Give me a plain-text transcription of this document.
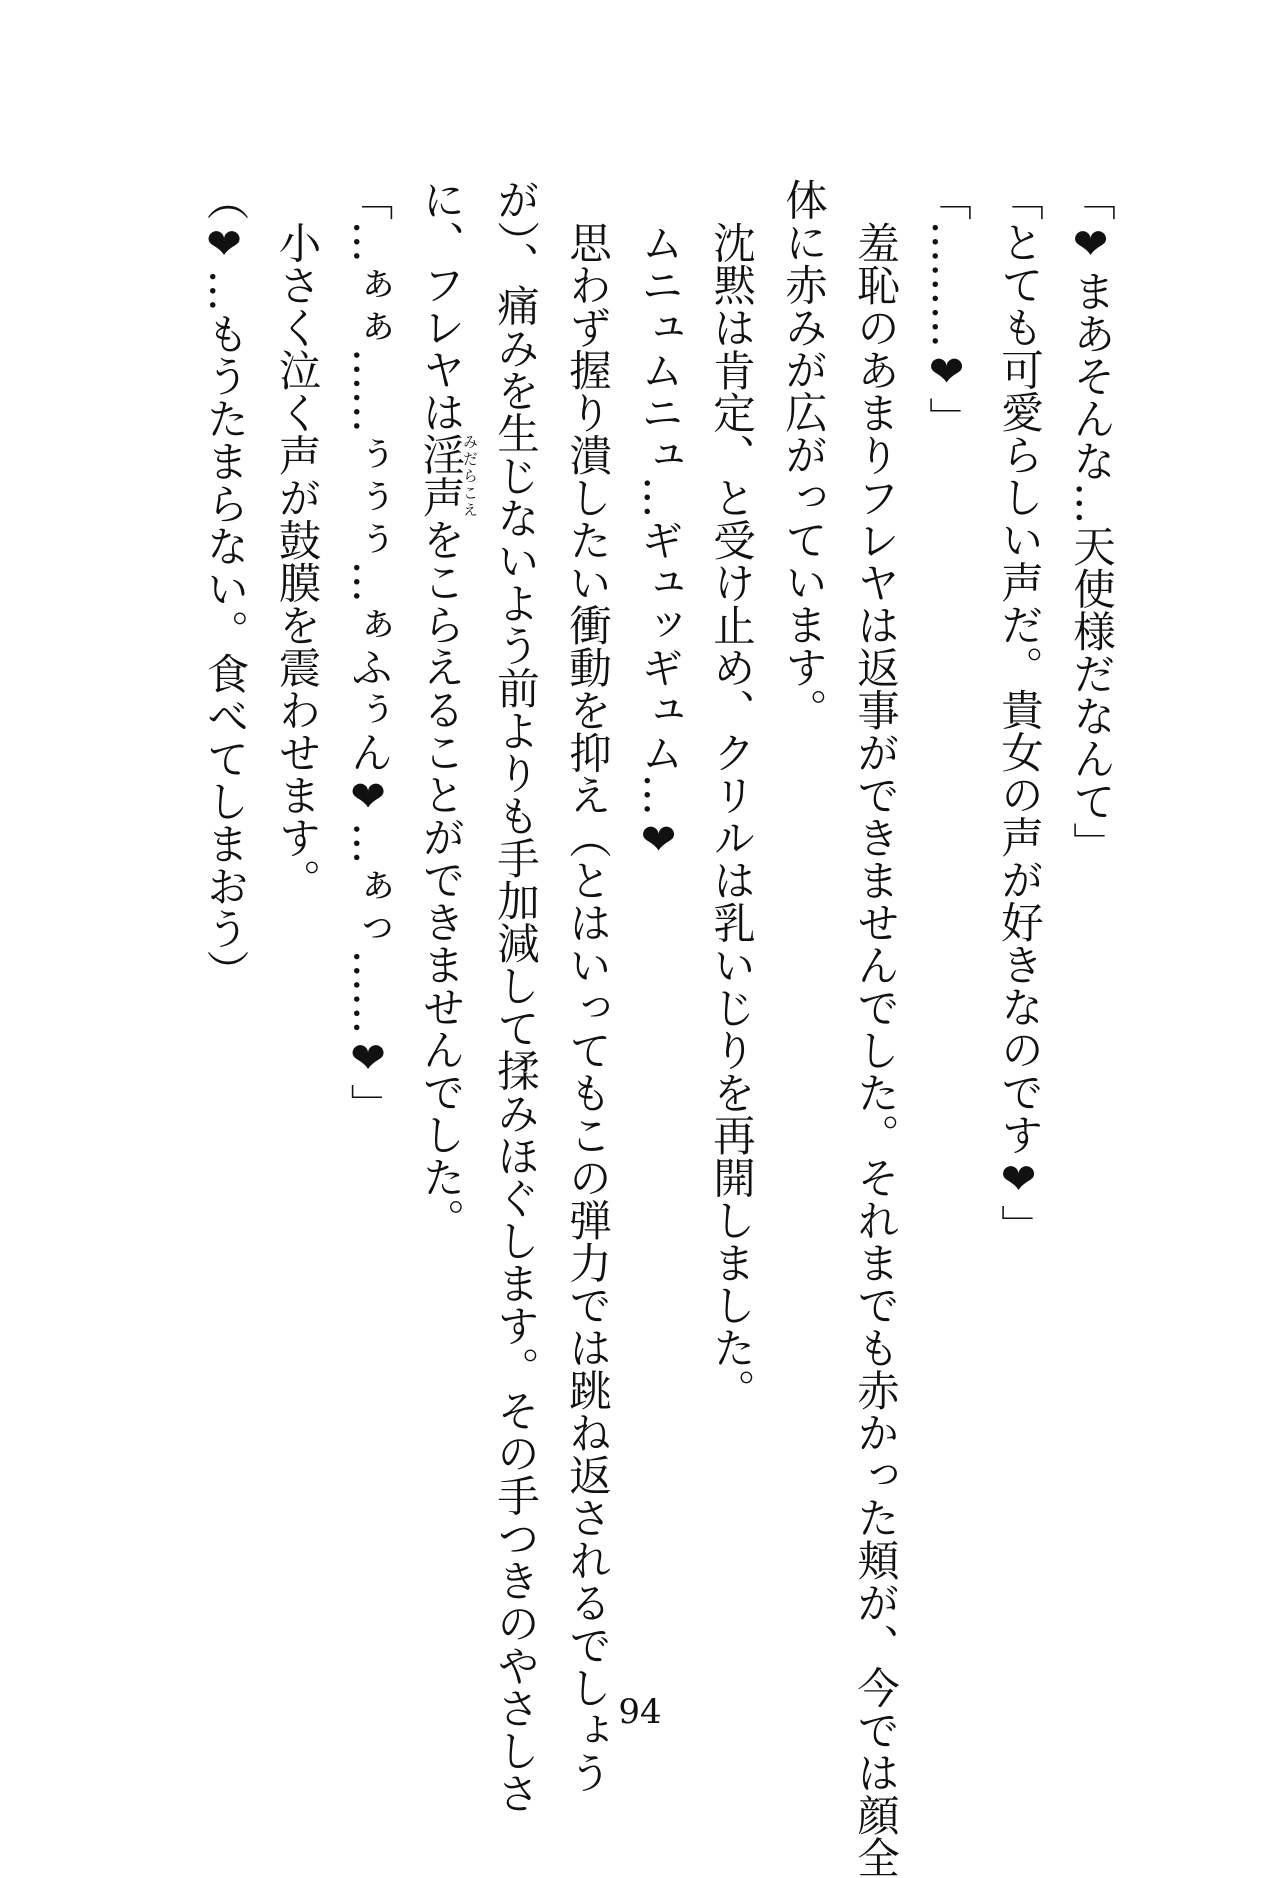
「❤まあそんな…天使様だなんて」
「とても可愛らしい声だ。貴女の声が好きなのです❤」
「………❤」
羞恥のあまりフレヤは返事ができませんでした。それまでも赤かった頬が、今では顔全
体に赤みが広がっています。
沈黙は肯定、と受け止め、クリルは乳いじりを再開しました。
ムニュムニュ…ギュッギュム…❤
思わず握り潰したい衝動を抑え（とはいってもこの弾力では跳ね返されるでしょう
が）、痛みを生じないよう前よりも手加減して揉みほぐします。その手つきのやさしさ
に、フレヤは淫声みだらこえをこらえることができませんでした。
「…ぁぁ……ぅぅぅ…ぁふぅん❤…ぁっ……❤」
小さく泣く声が鼓膜を震わせます。
（❤…もうたまらない。食べてしまおう）
94
